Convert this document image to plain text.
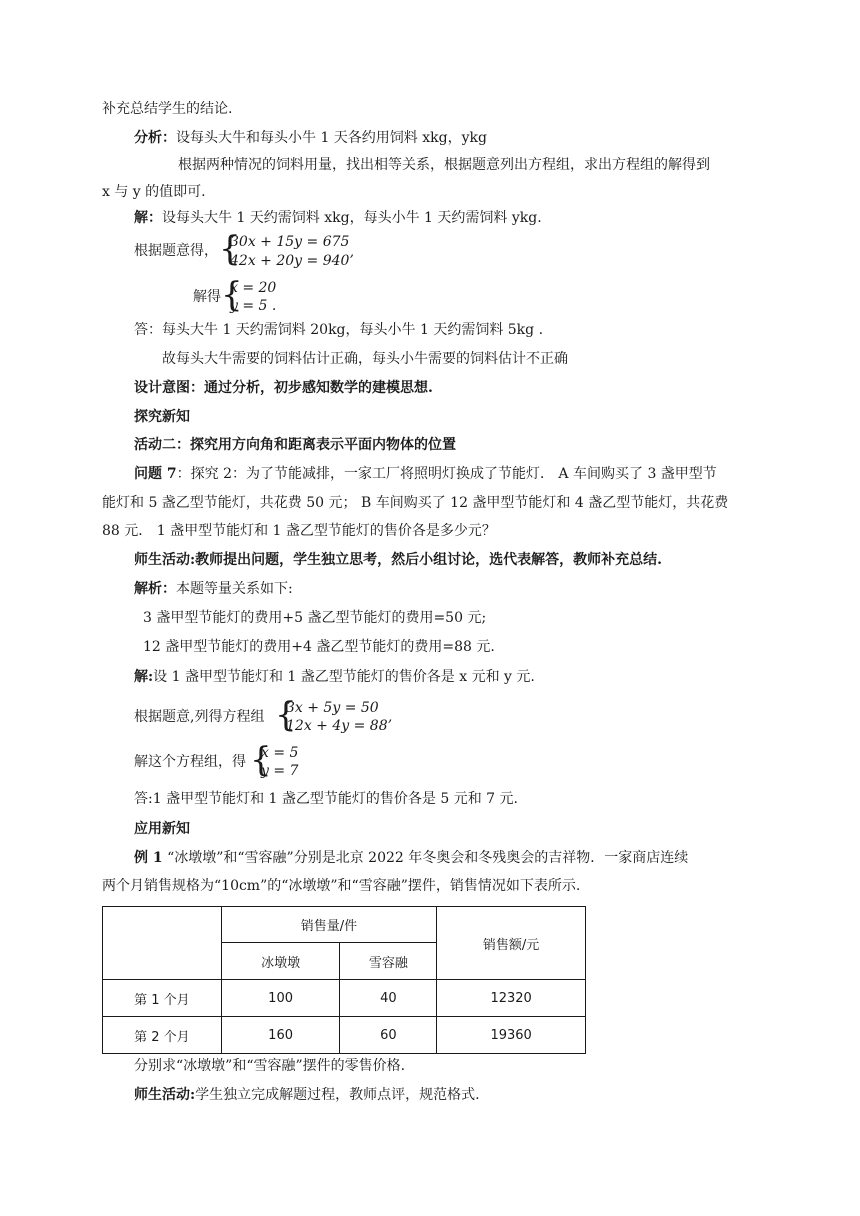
补充总结学生的结论.
分析：设每头大牛和每头小牛 1 天各约用饲料 xkg，ykg
根据两种情况的饲料用量，找出相等关系，根据题意列出方程组，求出方程组的解得到
x 与 y 的值即可.
解：设每头大牛 1 天约需饲料 xkg，每头小牛 1 天约需饲料 ykg.
根据题意得， {
30x + 15y = 675
42x + 20y = 940’
解得 {
x = 20
y = 5 .
答：每头大牛 1 天约需饲料 20kg，每头小牛 1 天约需饲料 5kg .
故每头大牛需要的饲料估计正确，每头小牛需要的饲料估计不正确
设计意图：通过分析，初步感知数学的建模思想.
探究新知
活动二：探究用方向角和距离表示平面内物体的位置
问题 7：探究 2：为了节能减排，一家工厂将照明灯换成了节能灯． A 车间购买了 3 盏甲型节
能灯和 5 盏乙型节能灯，共花费 50 元； B 车间购买了 12 盏甲型节能灯和 4 盏乙型节能灯，共花费
88 元． 1 盏甲型节能灯和 1 盏乙型节能灯的售价各是多少元？
师生活动:教师提出问题，学生独立思考，然后小组讨论，选代表解答，教师补充总结.
解析：本题等量关系如下:
3 盏甲型节能灯的费用+5 盏乙型节能灯的费用=50 元;
12 盏甲型节能灯的费用+4 盏乙型节能灯的费用=88 元.
解:设 1 盏甲型节能灯和 1 盏乙型节能灯的售价各是 x 元和 y 元.
根据题意,列得方程组 {
3x + 5y = 50
12x + 4y = 88’
解这个方程组，得 {
x = 5
y = 7
答:1 盏甲型节能灯和 1 盏乙型节能灯的售价各是 5 元和 7 元.
应用新知
例 1 “冰墩墩”和“雪容融”分别是北京 2022 年冬奥会和冬残奥会的吉祥物．一家商店连续
两个月销售规格为“10cm”的“冰墩墩”和“雪容融”摆件，销售情况如下表所示.
	销售量/件		销售额/元
	冰墩墩	雪容融	
第 1 个月	100	40	12320
第 2 个月	160	60	19360
分别求“冰墩墩”和“雪容融”摆件的零售价格.
师生活动:学生独立完成解题过程，教师点评，规范格式.
